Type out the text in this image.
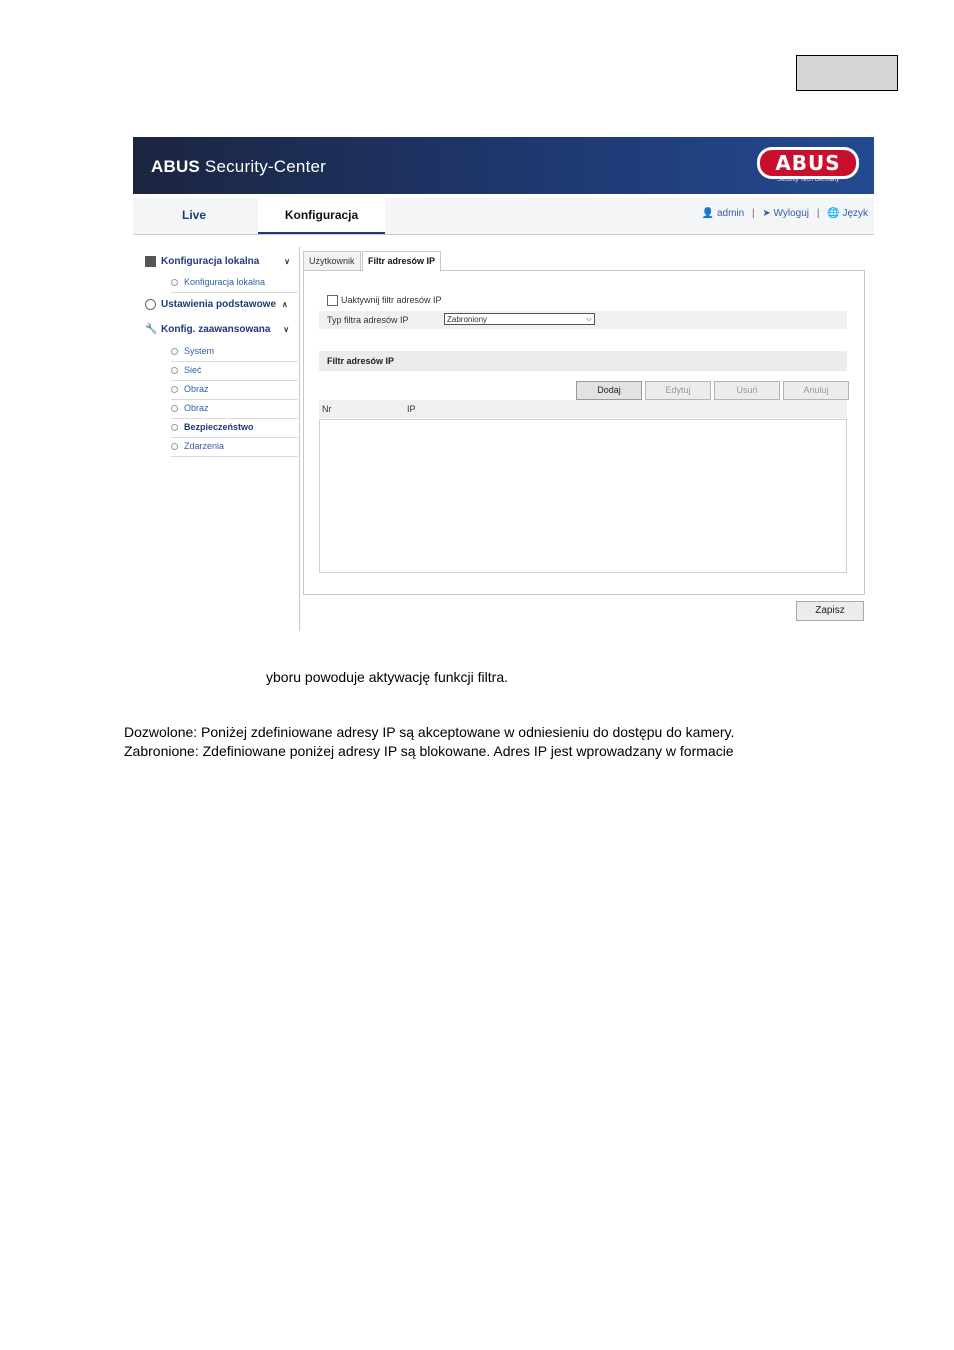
ABUS Security-Center	ABUS
Security Tech Germany
Live	Konfiguracja	👤 admin | ➤ Wyloguj | 🌐 Język
Konfiguracja lokalna	∨
Konfiguracja lokalna
Ustawienia podstawowe ∧
🔧 Konfig. zaawansowana ∨
System
Sieć
Obraz
Obraz
Bezpieczeństwo
Zdarzenia
Użytkownik	Filtr adresów IP
Uaktywnij filtr adresów IP
Typ filtra adresów IP	Zabroniony	⌵
Filtr adresów IP
Dodaj	Edytuj	Usuń	Anuluj
Nr	IP
Zapisz
yboru powoduje aktywację funkcji filtra.
Dozwolone: Poniżej zdefiniowane adresy IP są akceptowane w odniesieniu do dostępu do kamery.
Zabronione: Zdefiniowane poniżej adresy IP są blokowane. Adres IP jest wprowadzany w formacie
